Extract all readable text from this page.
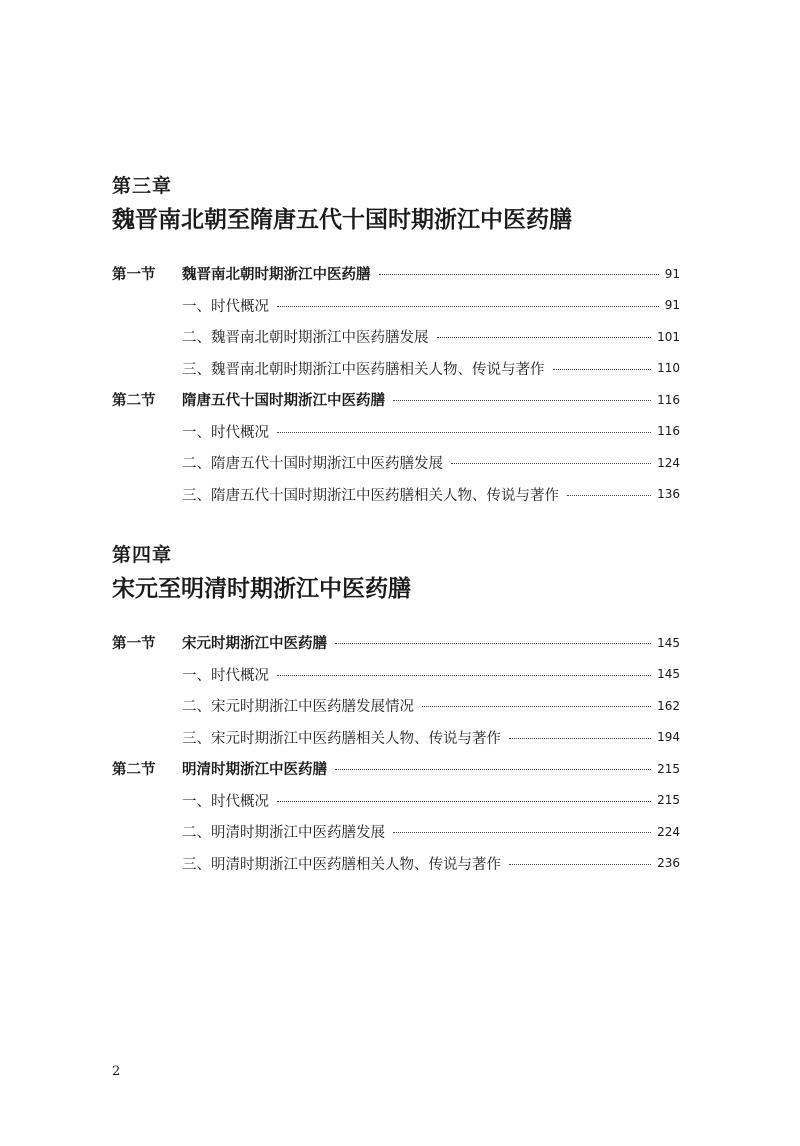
第三章
魏晋南北朝至隋唐五代十国时期浙江中医药膳
第一节	魏晋南北朝时期浙江中医药膳	91
一、时代概况	91
二、魏晋南北朝时期浙江中医药膳发展	101
三、魏晋南北朝时期浙江中医药膳相关人物、传说与著作	110
第二节	隋唐五代十国时期浙江中医药膳	116
一、时代概况	116
二、隋唐五代十国时期浙江中医药膳发展	124
三、隋唐五代十国时期浙江中医药膳相关人物、传说与著作	136
第四章
宋元至明清时期浙江中医药膳
第一节	宋元时期浙江中医药膳	145
一、时代概况	145
二、宋元时期浙江中医药膳发展情况	162
三、宋元时期浙江中医药膳相关人物、传说与著作	194
第二节	明清时期浙江中医药膳	215
一、时代概况	215
二、明清时期浙江中医药膳发展	224
三、明清时期浙江中医药膳相关人物、传说与著作	236
2
